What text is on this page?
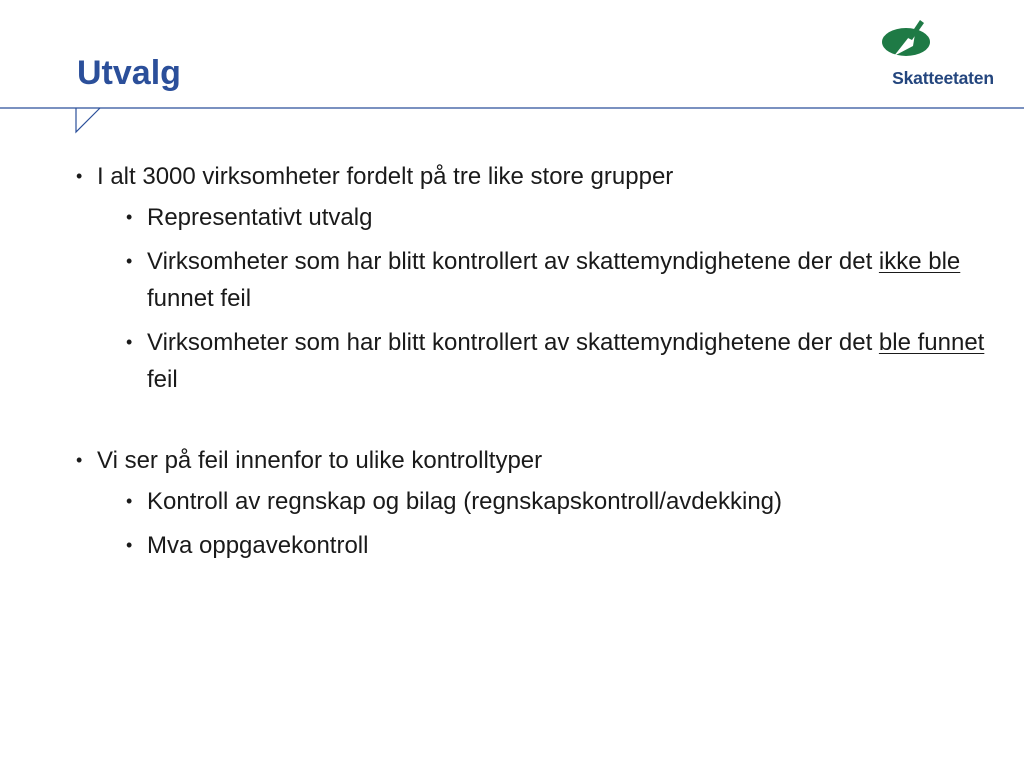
Utvalg	Skatteetaten
• I alt 3000 virksomheter fordelt på tre like store grupper
• Representativt utvalg
• Virksomheter som har blitt kontrollert av skattemyndighetene der det ikke ble funnet feil
• Virksomheter som har blitt kontrollert av skattemyndighetene der det ble funnet feil
• Vi ser på feil innenfor to ulike kontrolltyper
• Kontroll av regnskap og bilag (regnskapskontroll/avdekking)
• Mva oppgavekontroll
